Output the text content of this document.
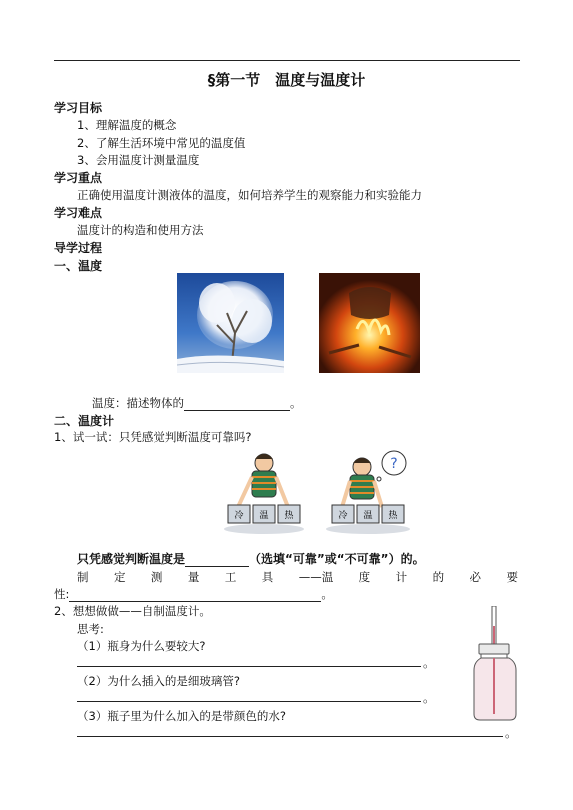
§第一节　温度与温度计
学习目标
1、理解温度的概念
2、了解生活环境中常见的温度值
3、会用温度计测量温度
学习重点
正确使用温度计测液体的温度，如何培养学生的观察能力和实验能力
学习难点
温度计的构造和使用方法
导学过程
一、温度
温度：描述物体的	。
二、温度计
1、试一试：只凭感觉判断温度可靠吗?
冷 温 热
?
冷 温 热
只凭感觉判断温度是	（选填“可靠”或“不可靠”）的。
制 定 测 量 工 具 ——温 度 计 的 必 要
性:	。
2、想想做做——自制温度计。
思考:
（1）瓶身为什么要较大?
。
（2）为什么插入的是细玻璃管?
。
（3）瓶子里为什么加入的是带颜色的水?
。
